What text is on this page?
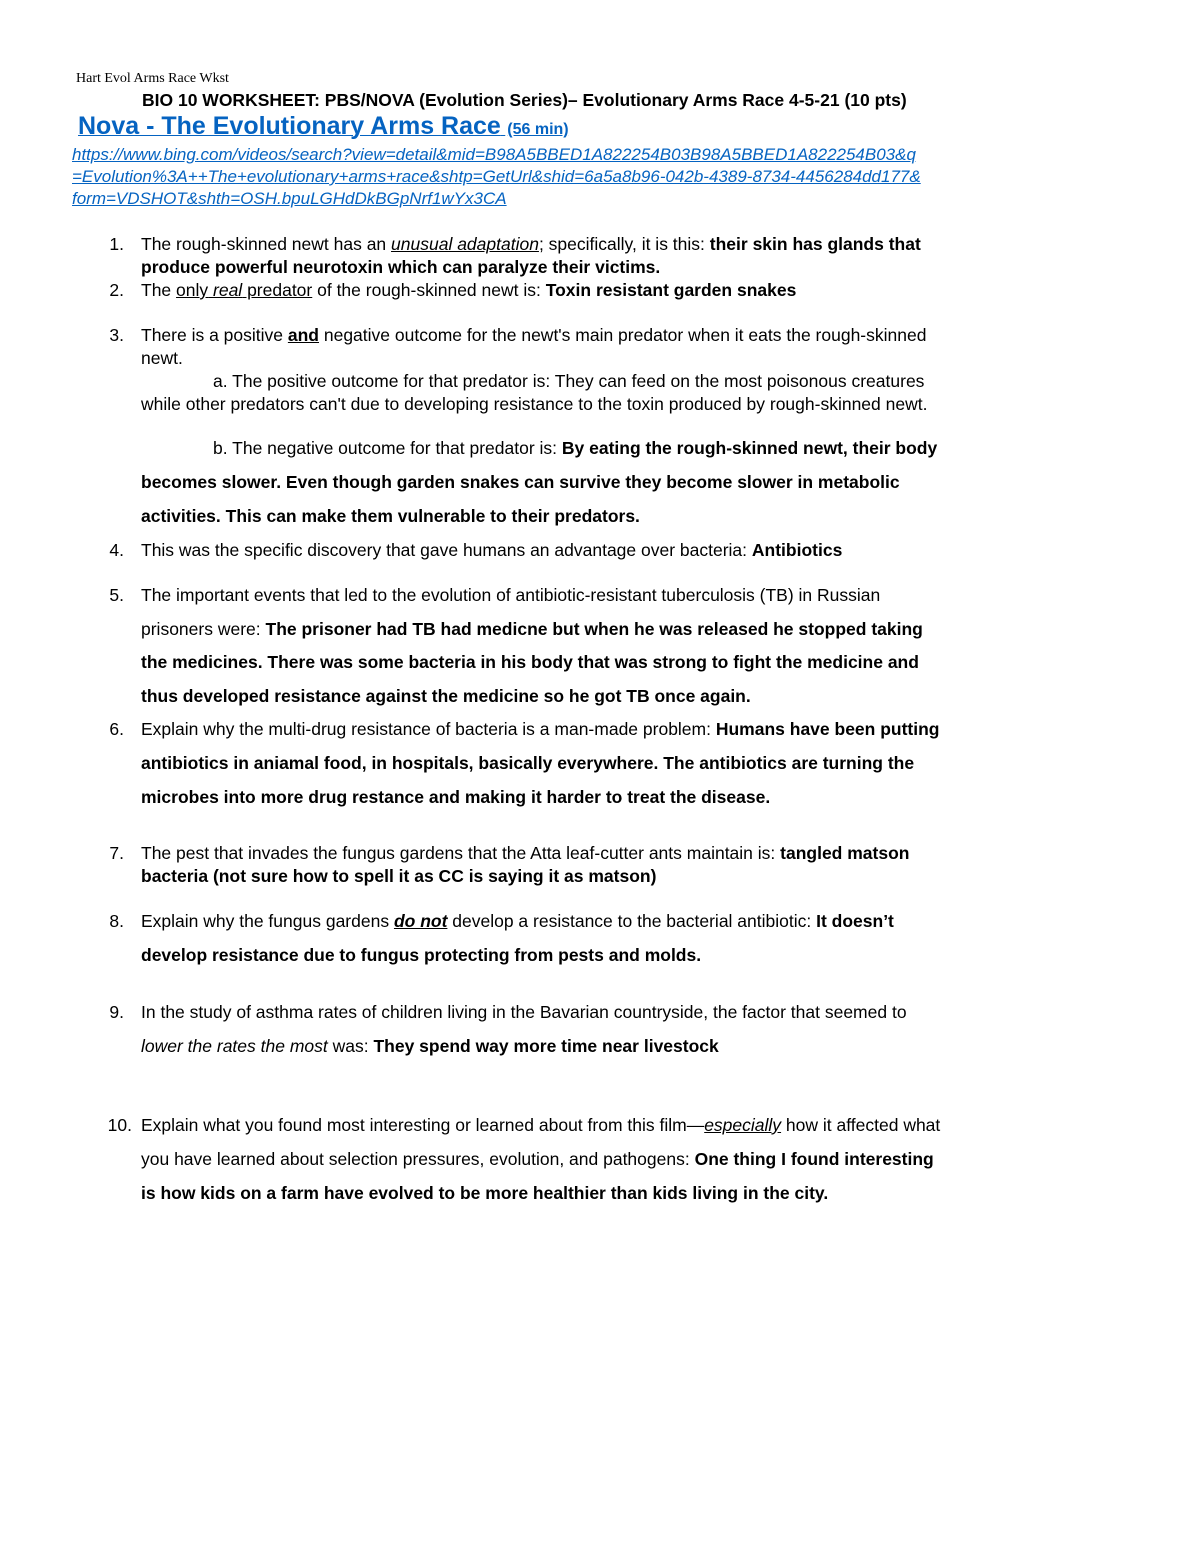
Hart Evol Arms Race Wkst
BIO 10 WORKSHEET: PBS/NOVA (Evolution Series)– Evolutionary Arms Race 4-5-21 (10 pts)
Nova - The Evolutionary Arms Race (56 min)
https://www.bing.com/videos/search?view=detail&mid=B98A5BBED1A822254B03B98A5BBED1A822254B03&q
=Evolution%3A++The+evolutionary+arms+race&shtp=GetUrl&shid=6a5a8b96-042b-4389-8734-4456284dd177&
form=VDSHOT&shth=OSH.bpuLGHdDkBGpNrf1wYx3CA
1. The rough-skinned newt has an unusual adaptation; specifically, it is this: their skin has glands that
produce powerful neurotoxin which can paralyze their victims.
2. The only real predator of the rough-skinned newt is: Toxin resistant garden snakes
3. There is a positive and negative outcome for the newt's main predator when it eats the rough-skinned
newt.
a. The positive outcome for that predator is: They can feed on the most poisonous creatures
while other predators can't due to developing resistance to the toxin produced by rough-skinned newt.
b. The negative outcome for that predator is: By eating the rough-skinned newt, their body
becomes slower. Even though garden snakes can survive they become slower in metabolic
activities. This can make them vulnerable to their predators.
4. This was the specific discovery that gave humans an advantage over bacteria: Antibiotics
5. The important events that led to the evolution of antibiotic-resistant tuberculosis (TB) in Russian
prisoners were: The prisoner had TB had medicne but when he was released he stopped taking
the medicines. There was some bacteria in his body that was strong to fight the medicine and
thus developed resistance against the medicine so he got TB once again.
6. Explain why the multi-drug resistance of bacteria is a man-made problem: Humans have been putting
antibiotics in aniamal food, in hospitals, basically everywhere. The antibiotics are turning the
microbes into more drug restance and making it harder to treat the disease.
7. The pest that invades the fungus gardens that the Atta leaf-cutter ants maintain is: tangled matson
bacteria (not sure how to spell it as CC is saying it as matson)
8. Explain why the fungus gardens do not develop a resistance to the bacterial antibiotic: It doesn’t
develop resistance due to fungus protecting from pests and molds.
9. In the study of asthma rates of children living in the Bavarian countryside, the factor that seemed to
lower the rates the most was: They spend way more time near livestock
10. Explain what you found most interesting or learned about from this film—especially how it affected what
you have learned about selection pressures, evolution, and pathogens: One thing I found interesting
is how kids on a farm have evolved to be more healthier than kids living in the city.
